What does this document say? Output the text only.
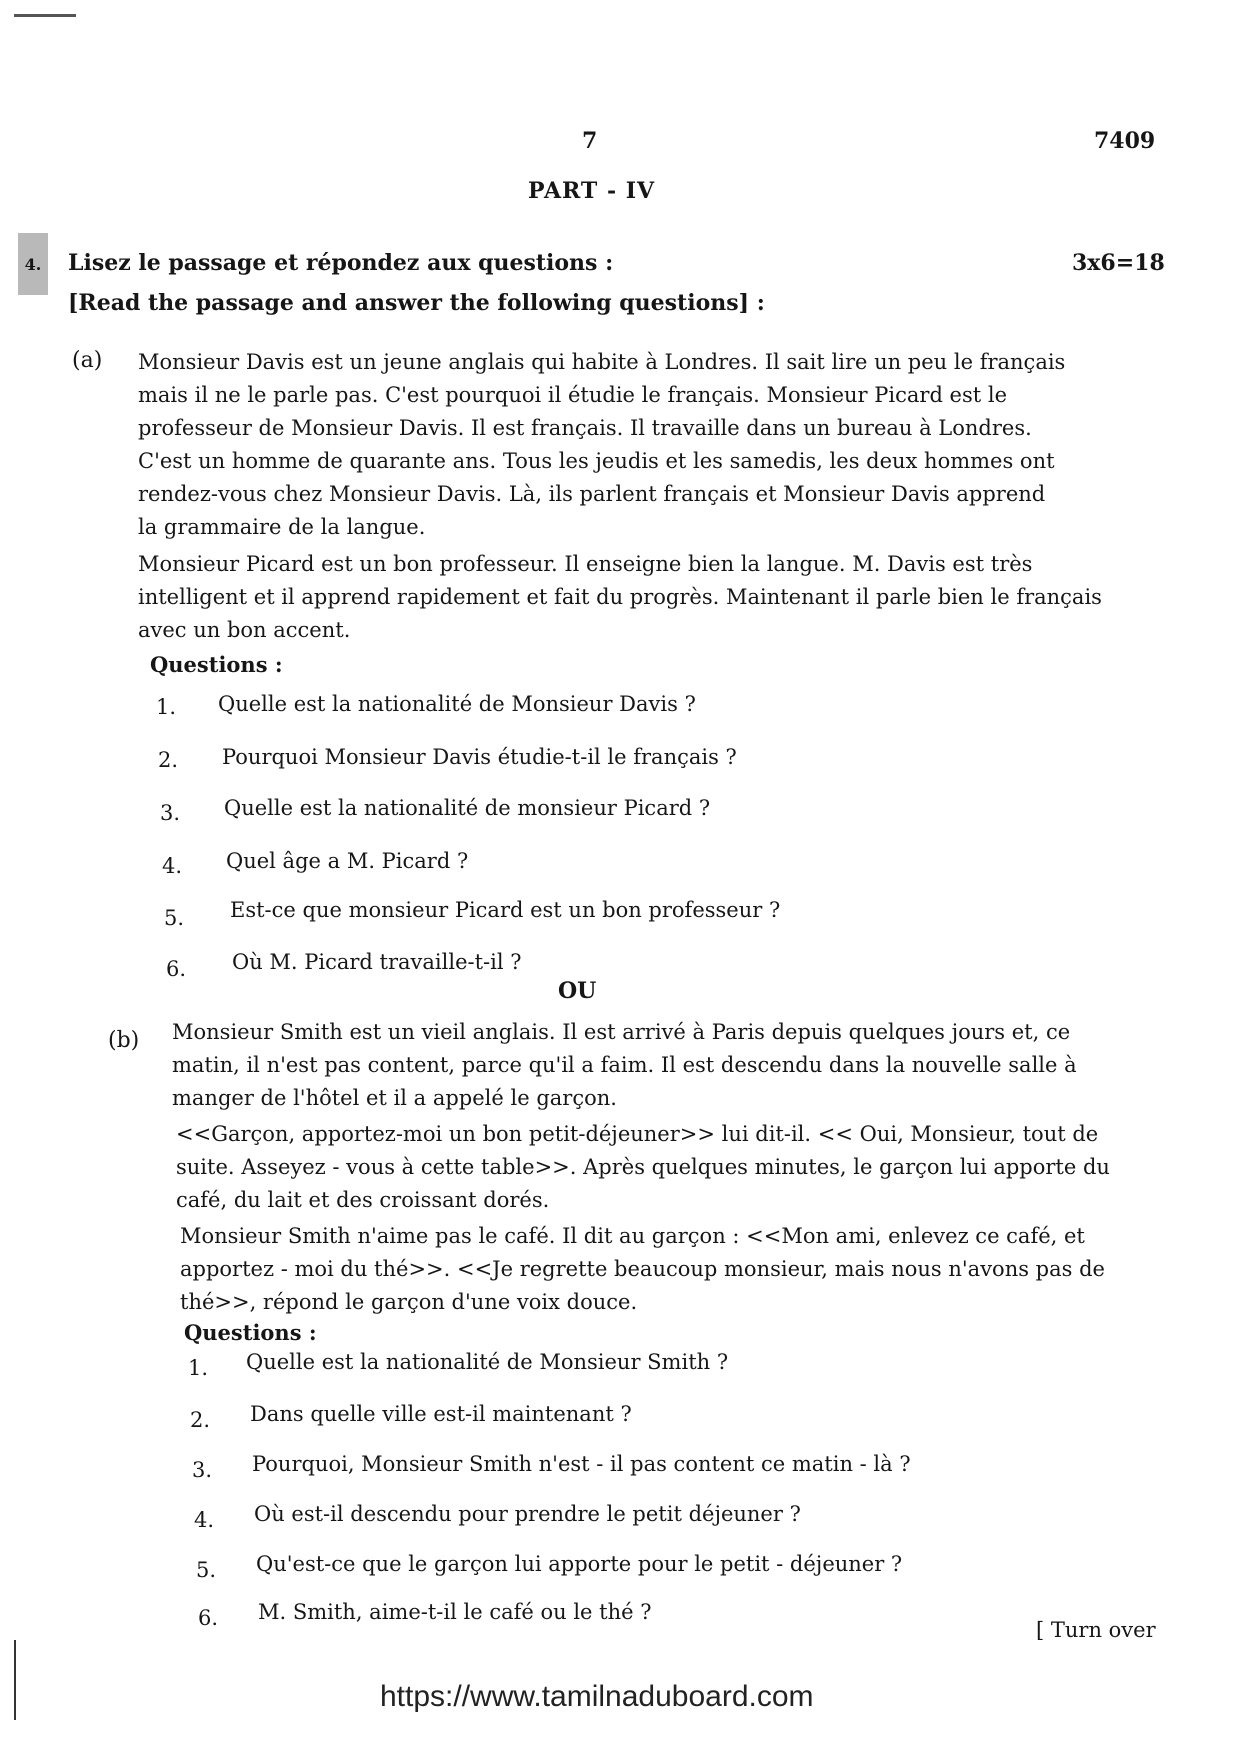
7	7409
PART - IV
4.	Lisez le passage et répondez aux questions :
[Read the passage and answer the following questions] :
3x6=18
(a) Monsieur Davis est un jeune anglais qui habite à Londres. Il sait lire un peu le français
mais il ne le parle pas. C'est pourquoi il étudie le français. Monsieur Picard est le
professeur de Monsieur Davis. Il est français. Il travaille dans un bureau à Londres.
C'est un homme de quarante ans. Tous les jeudis et les samedis, les deux hommes ont
rendez-vous chez Monsieur Davis. Là, ils parlent français et Monsieur Davis apprend
la grammaire de la langue.
Monsieur Picard est un bon professeur. Il enseigne bien la langue. M. Davis est très
intelligent et il apprend rapidement et fait du progrès. Maintenant il parle bien le français
avec un bon accent.
Questions :
1. Quelle est la nationalité de Monsieur Davis ?
2. Pourquoi Monsieur Davis étudie-t-il le français ?
3. Quelle est la nationalité de monsieur Picard ?
4. Quel âge a M. Picard ?
5. Est-ce que monsieur Picard est un bon professeur ?
6. Où M. Picard travaille-t-il ?
OU
(b) Monsieur Smith est un vieil anglais. Il est arrivé à Paris depuis quelques jours et, ce
matin, il n'est pas content, parce qu'il a faim. Il est descendu dans la nouvelle salle à
manger de l'hôtel et il a appelé le garçon.
<<Garçon, apportez-moi un bon petit-déjeuner>> lui dit-il. << Oui, Monsieur, tout de
suite. Asseyez - vous à cette table>>. Après quelques minutes, le garçon lui apporte du
café, du lait et des croissant dorés.
Monsieur Smith n'aime pas le café. Il dit au garçon : <<Mon ami, enlevez ce café, et
apportez - moi du thé>>. <<Je regrette beaucoup monsieur, mais nous n'avons pas de
thé>>, répond le garçon d'une voix douce.
Questions :
1. Quelle est la nationalité de Monsieur Smith ?
2. Dans quelle ville est-il maintenant ?
3. Pourquoi, Monsieur Smith n'est - il pas content ce matin - là ?
4. Où est-il descendu pour prendre le petit déjeuner ?
5. Qu'est-ce que le garçon lui apporte pour le petit - déjeuner ?
6. M. Smith, aime-t-il le café ou le thé ?
[ Turn over
https://www.tamilnaduboard.com
